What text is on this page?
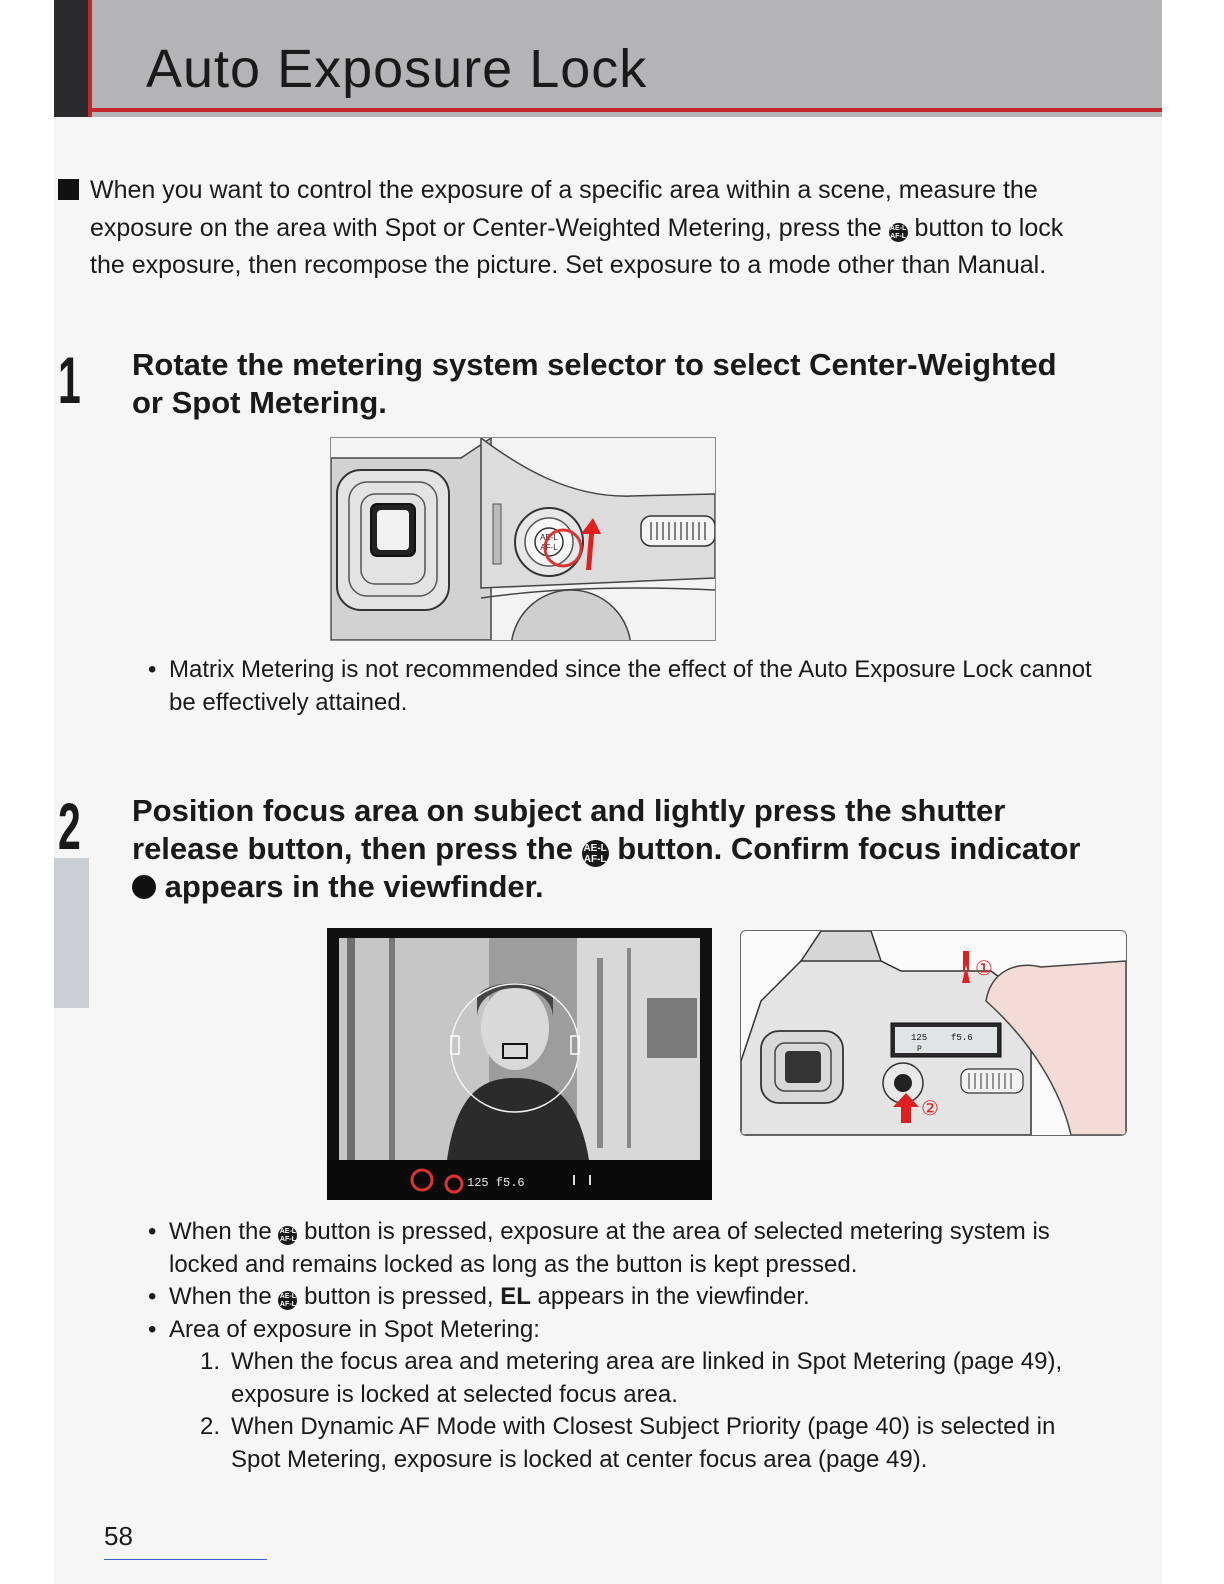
Auto Exposure Lock

When you want to control the exposure of a specific area within a scene, measure the exposure on the area with Spot or Center-Weighted Metering, press the AE-L
AF-L button to lock the exposure, then recompose the picture. Set exposure to a mode other than Manual.

1 Rotate the metering system selector to select Center-Weighted or Spot Metering.
AE-L
AF-L
• Matrix Metering is not recommended since the effect of the Auto Exposure Lock cannot be effectively attained.
2 Position focus area on subject and lightly press the shutter release button, then press the AE-L
AF-L button. Confirm focus indicator  appears in the viewfinder.
125 f5.6
125	f5.6
P
①
②
• When the AE-L
AF-L button is pressed, exposure at the area of selected metering system is locked and remains locked as long as the button is kept pressed.
• When the AE-L
AF-L button is pressed, EL appears in the viewfinder.
• Area of exposure in Spot Metering:
1. When the focus area and metering area are linked in Spot Metering (page 49), exposure is locked at selected focus area.
2. When Dynamic AF Mode with Closest Subject Priority (page 40) is selected in Spot Metering, exposure is locked at center focus area (page 49).
58
